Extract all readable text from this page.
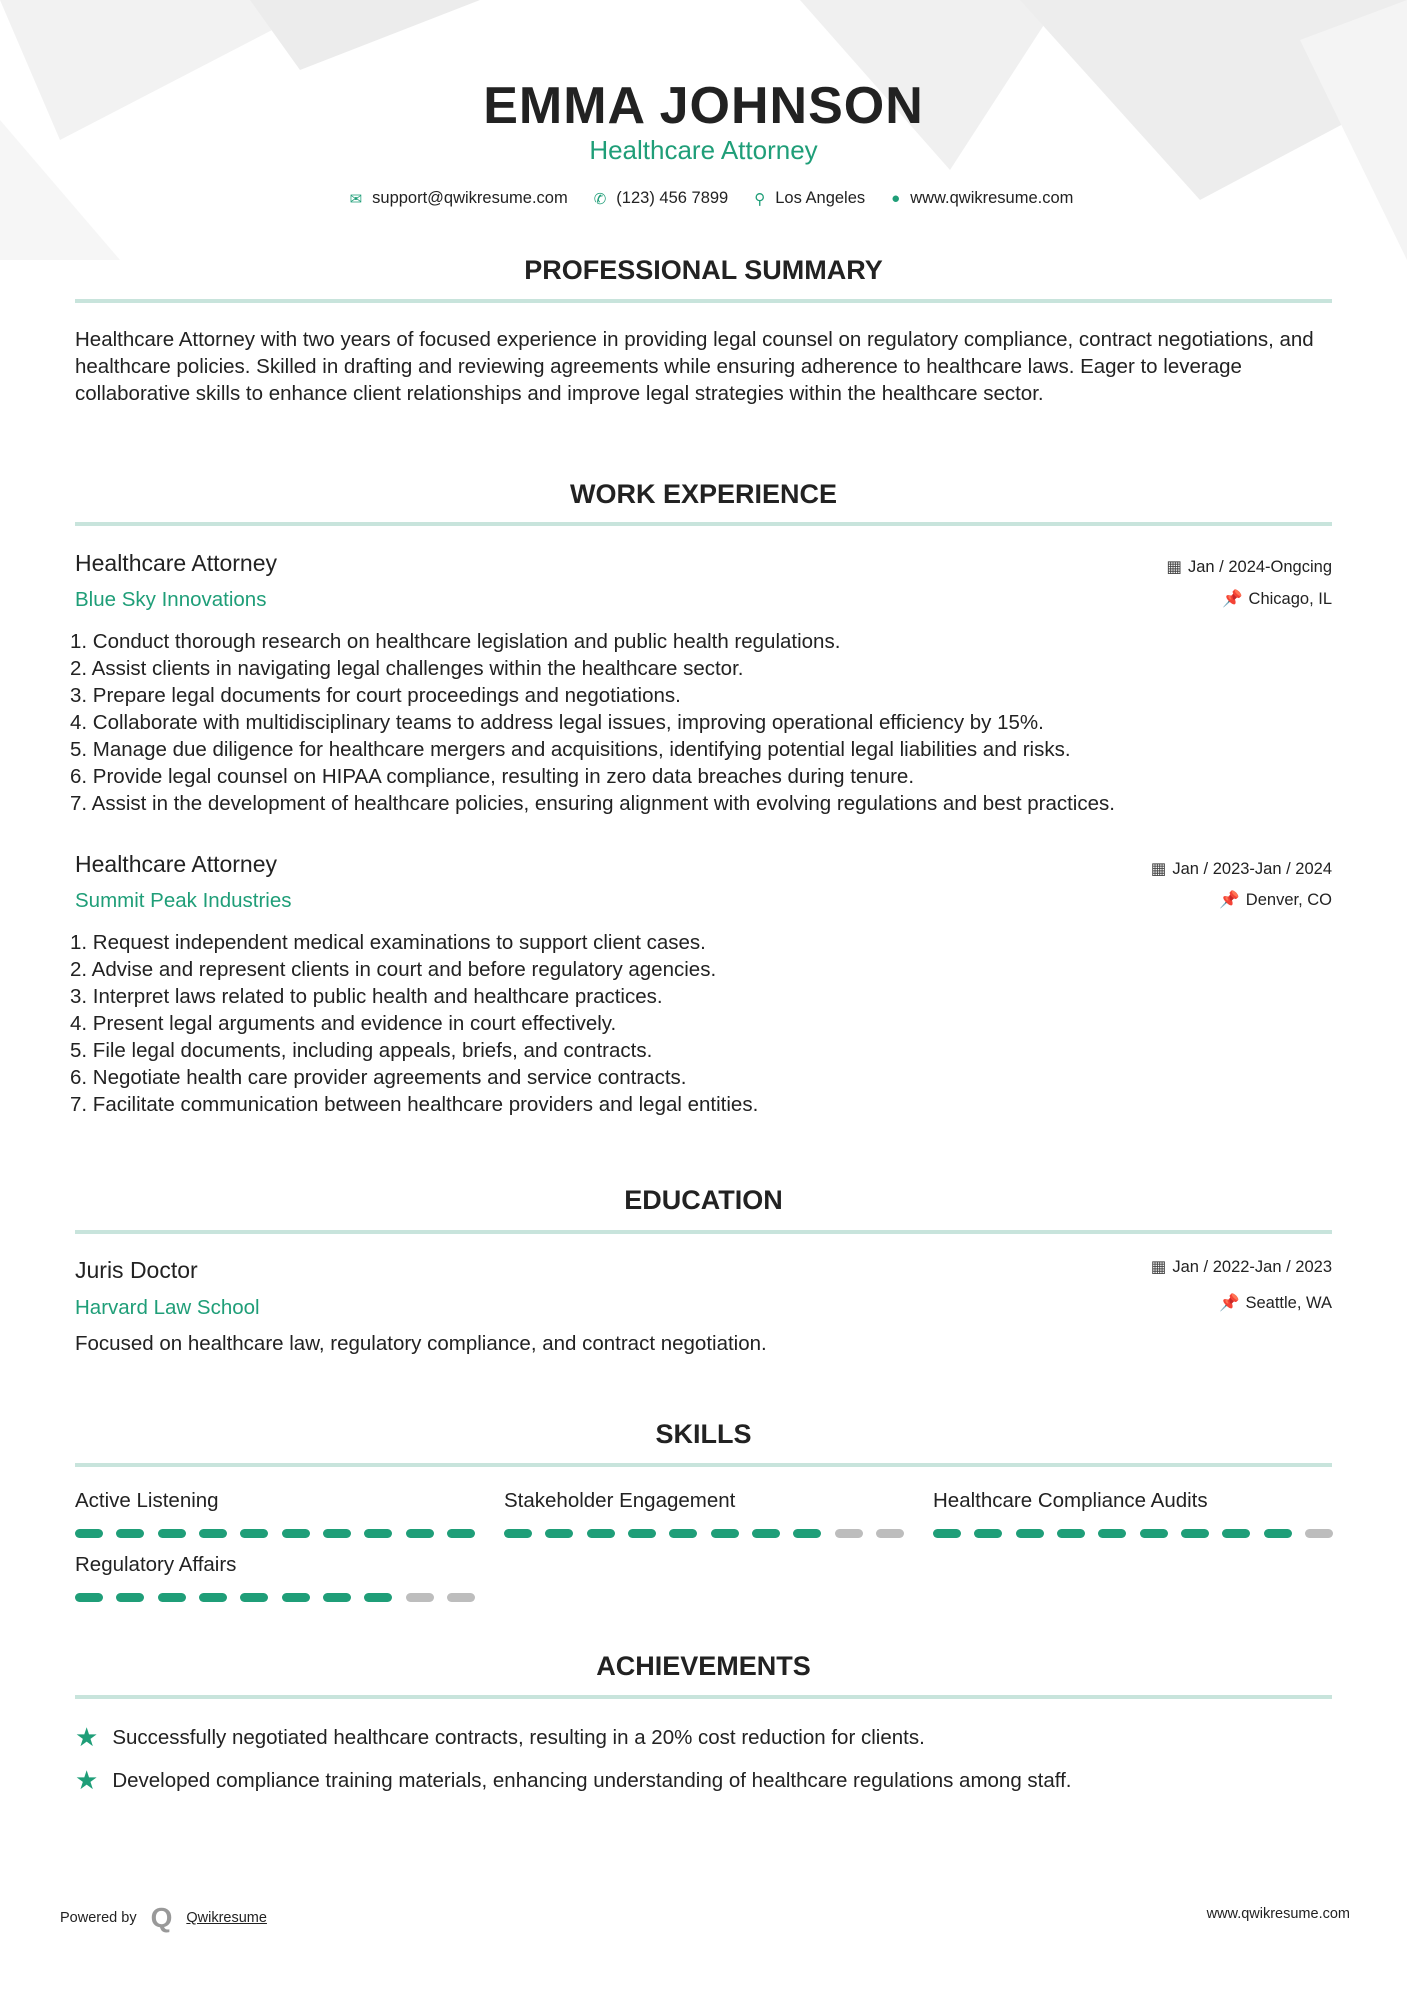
EMMA JOHNSON
Healthcare Attorney
✉ support@qwikresume.com ✆ (123) 456 7899 ⚲ Los Angeles ● www.qwikresume.com
PROFESSIONAL SUMMARY
Healthcare Attorney with two years of focused experience in providing legal counsel on regulatory compliance, contract negotiations, and healthcare policies. Skilled in drafting and reviewing agreements while ensuring adherence to healthcare laws. Eager to leverage collaborative skills to enhance client relationships and improve legal strategies within the healthcare sector.
WORK EXPERIENCE
Healthcare Attorney
Blue Sky Innovations
▦ Jan / 2024-Ongcing
📌 Chicago, IL
1. Conduct thorough research on healthcare legislation and public health regulations.
2. Assist clients in navigating legal challenges within the healthcare sector.
3. Prepare legal documents for court proceedings and negotiations.
4. Collaborate with multidisciplinary teams to address legal issues, improving operational efficiency by 15%.
5. Manage due diligence for healthcare mergers and acquisitions, identifying potential legal liabilities and risks.
6. Provide legal counsel on HIPAA compliance, resulting in zero data breaches during tenure.
7. Assist in the development of healthcare policies, ensuring alignment with evolving regulations and best practices.
Healthcare Attorney
Summit Peak Industries
▦ Jan / 2023-Jan / 2024
📌 Denver, CO
1. Request independent medical examinations to support client cases.
2. Advise and represent clients in court and before regulatory agencies.
3. Interpret laws related to public health and healthcare practices.
4. Present legal arguments and evidence in court effectively.
5. File legal documents, including appeals, briefs, and contracts.
6. Negotiate health care provider agreements and service contracts.
7. Facilitate communication between healthcare providers and legal entities.
EDUCATION
Juris Doctor
Harvard Law School
▦ Jan / 2022-Jan / 2023
📌 Seattle, WA
Focused on healthcare law, regulatory compliance, and contract negotiation.
SKILLS
Active Listening	Stakeholder Engagement	Healthcare Compliance Audits
Regulatory Affairs
ACHIEVEMENTS
★ Successfully negotiated healthcare contracts, resulting in a 20% cost reduction for clients.
★ Developed compliance training materials, enhancing understanding of healthcare regulations among staff.
Powered by Q Qwikresume	www.qwikresume.com
